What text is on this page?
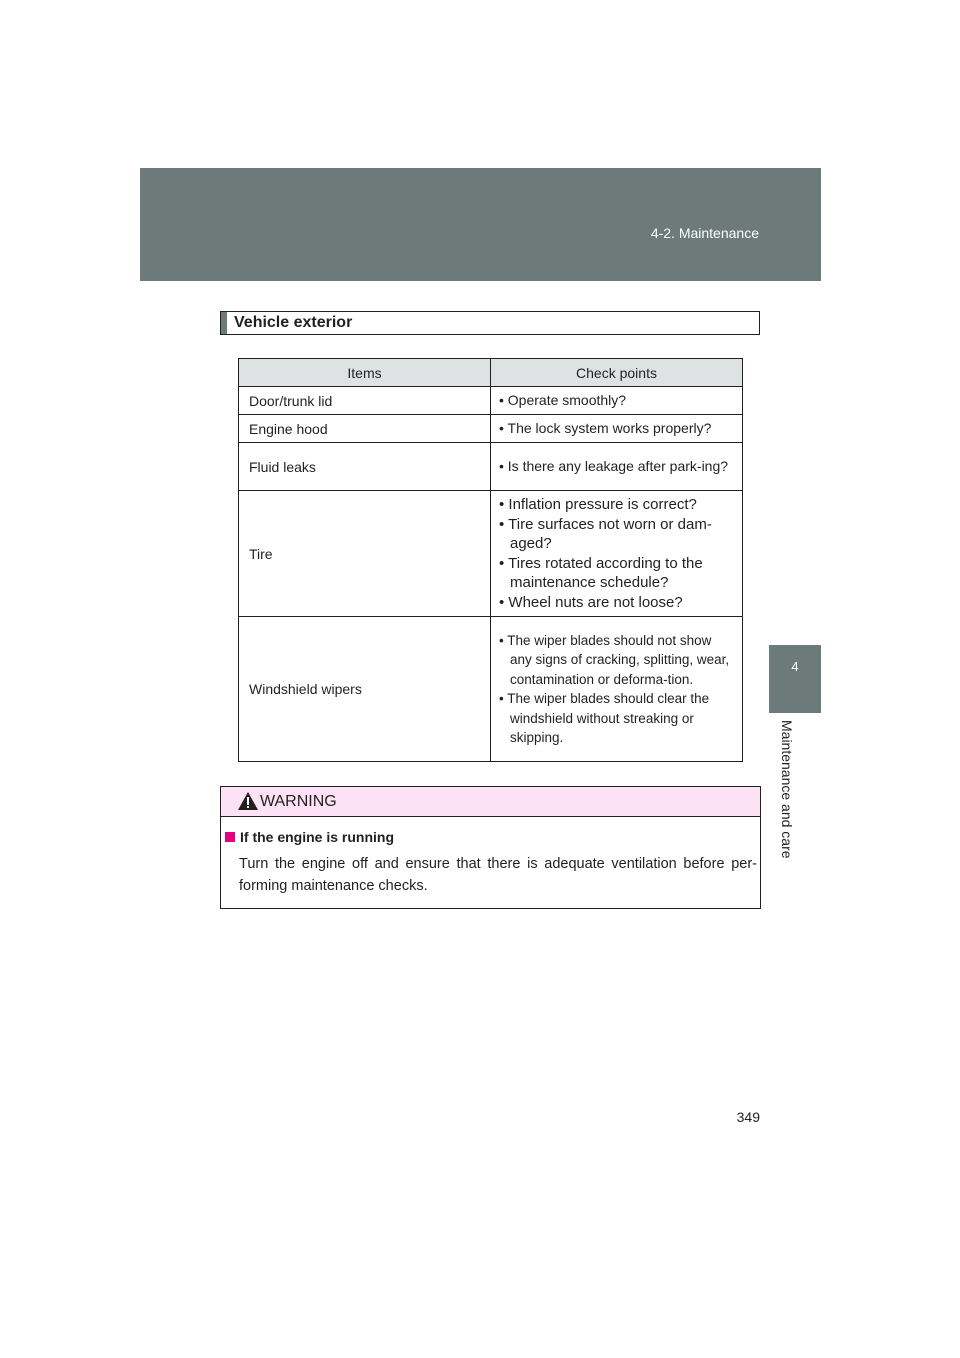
4-2. Maintenance
4
Maintenance and care
Vehicle exterior
Items	Check points
Door/trunk lid	• Operate smoothly?

Engine hood	• The lock system works properly?

Fluid leaks	• Is there any leakage after park-ing?

Tire	• Inflation pressure is correct?
• Tire surfaces not worn or dam-aged?
• Tires rotated according to the maintenance schedule?
• Wheel nuts are not loose?

Windshield wipers	• The wiper blades should not show any signs of cracking, splitting, wear, contamination or deforma-tion.
• The wiper blades should clear the windshield without streaking or skipping.
WARNING
If the engine is running
Turn the engine off and ensure that there is adequate ventilation before per-forming maintenance checks.
349
